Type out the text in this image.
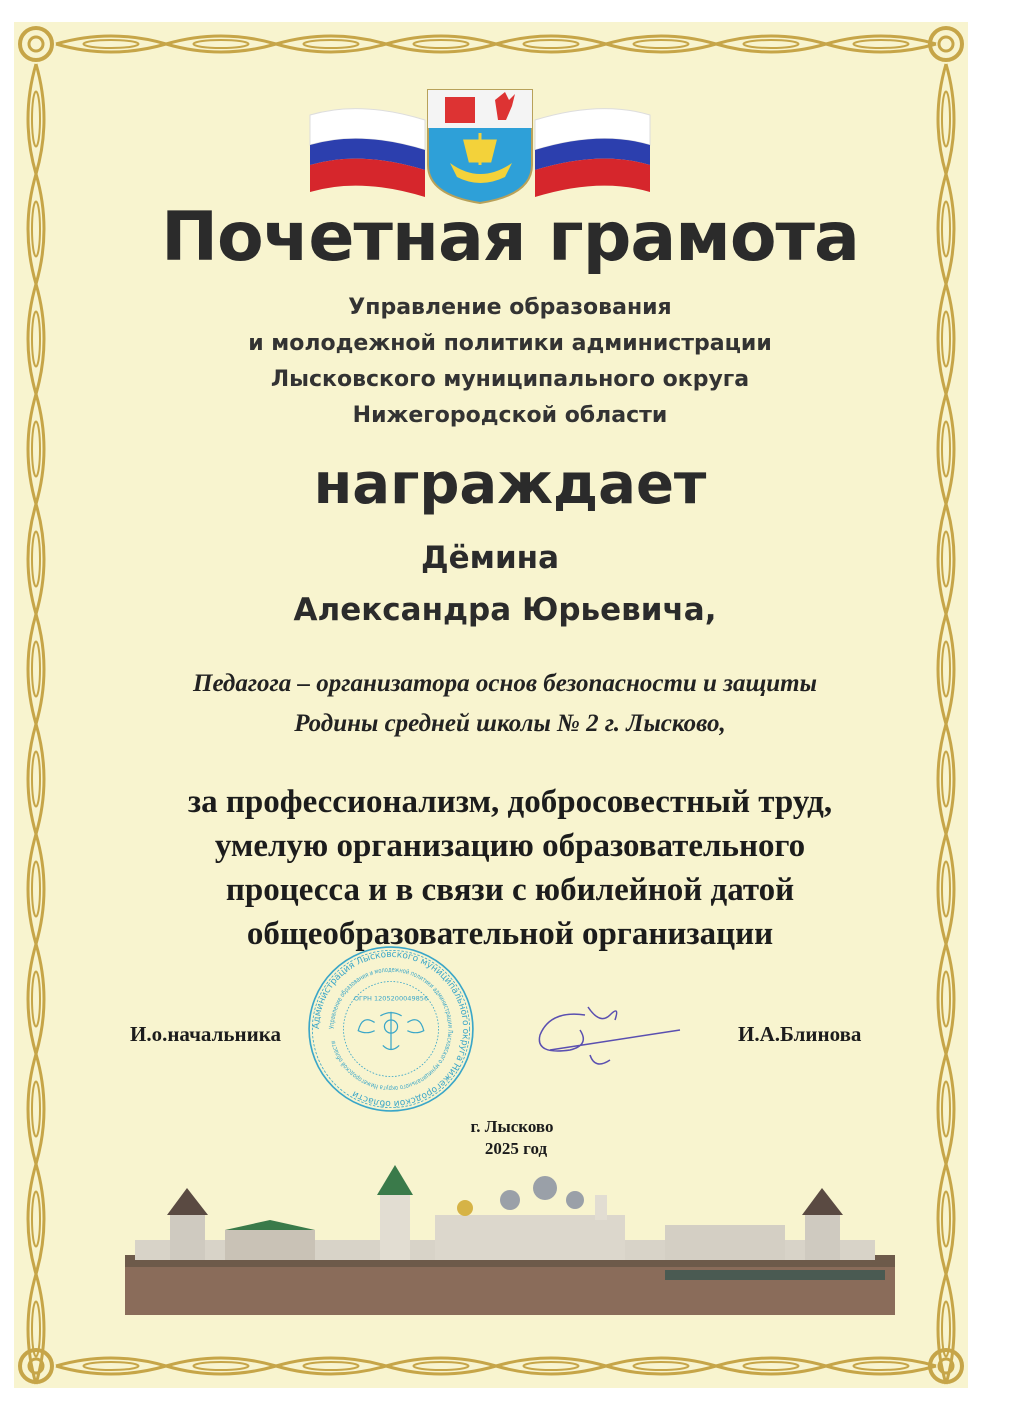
Почетная грамота
Управление образования
и молодежной политики администрации
Лысковского муниципального округа
Нижегородской области
награждает
Дёмина
Александра Юрьевича,
Педагога – организатора основ безопасности и защиты
Родины средней школы № 2 г. Лысково,
за профессионализм, добросовестный труд,
умелую организацию образовательного
процесса и в связи с юбилейной датой
общеобразовательной организации
Администрация Лысковского муниципального округа Нижегородской области
Управление образования и молодежной политики администрации Лысковского муниципального округа Нижегородской области
ОГРН 1205200049856
И.о.начальника	И.А.Блинова
г. Лысково
2025 год
